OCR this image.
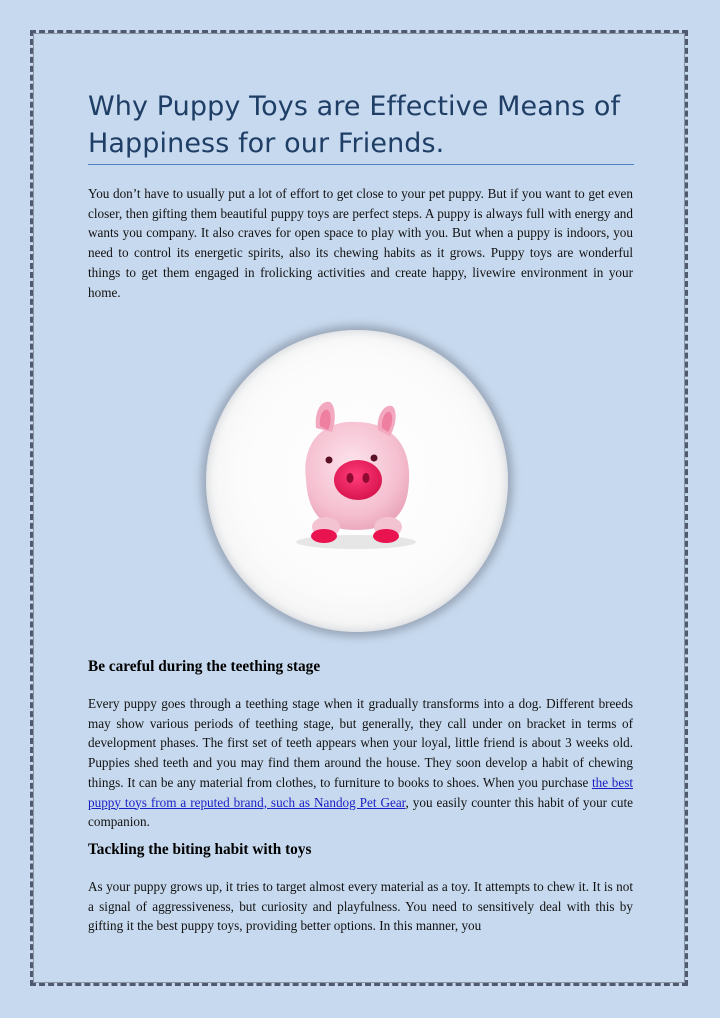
Why Puppy Toys are Effective Means of Happiness for our Friends.

You don’t have to usually put a lot of effort to get close to your pet puppy. But if you want to get even closer, then gifting them beautiful puppy toys are perfect steps. A puppy is always full with energy and wants you company. It also craves for open space to play with you. But when a puppy is indoors, you need to control its energetic spirits, also its chewing habits as it grows. Puppy toys are wonderful things to get them engaged in frolicking activities and create happy, livewire environment in your home.

Be careful during the teething stage

Every puppy goes through a teething stage when it gradually transforms into a dog. Different breeds may show various periods of teething stage, but generally, they call under on bracket in terms of development phases. The first set of teeth appears when your loyal, little friend is about 3 weeks old. Puppies shed teeth and you may find them around the house. They soon develop a habit of chewing things. It can be any material from clothes, to furniture to books to shoes. When you purchase the best puppy toys from a reputed brand, such as Nandog Pet Gear, you easily counter this habit of your cute companion.

Tackling the biting habit with toys

As your puppy grows up, it tries to target almost every material as a toy. It attempts to chew it. It is not a signal of aggressiveness, but curiosity and playfulness. You need to sensitively deal with this by gifting it the best puppy toys, providing better options. In this manner, you
